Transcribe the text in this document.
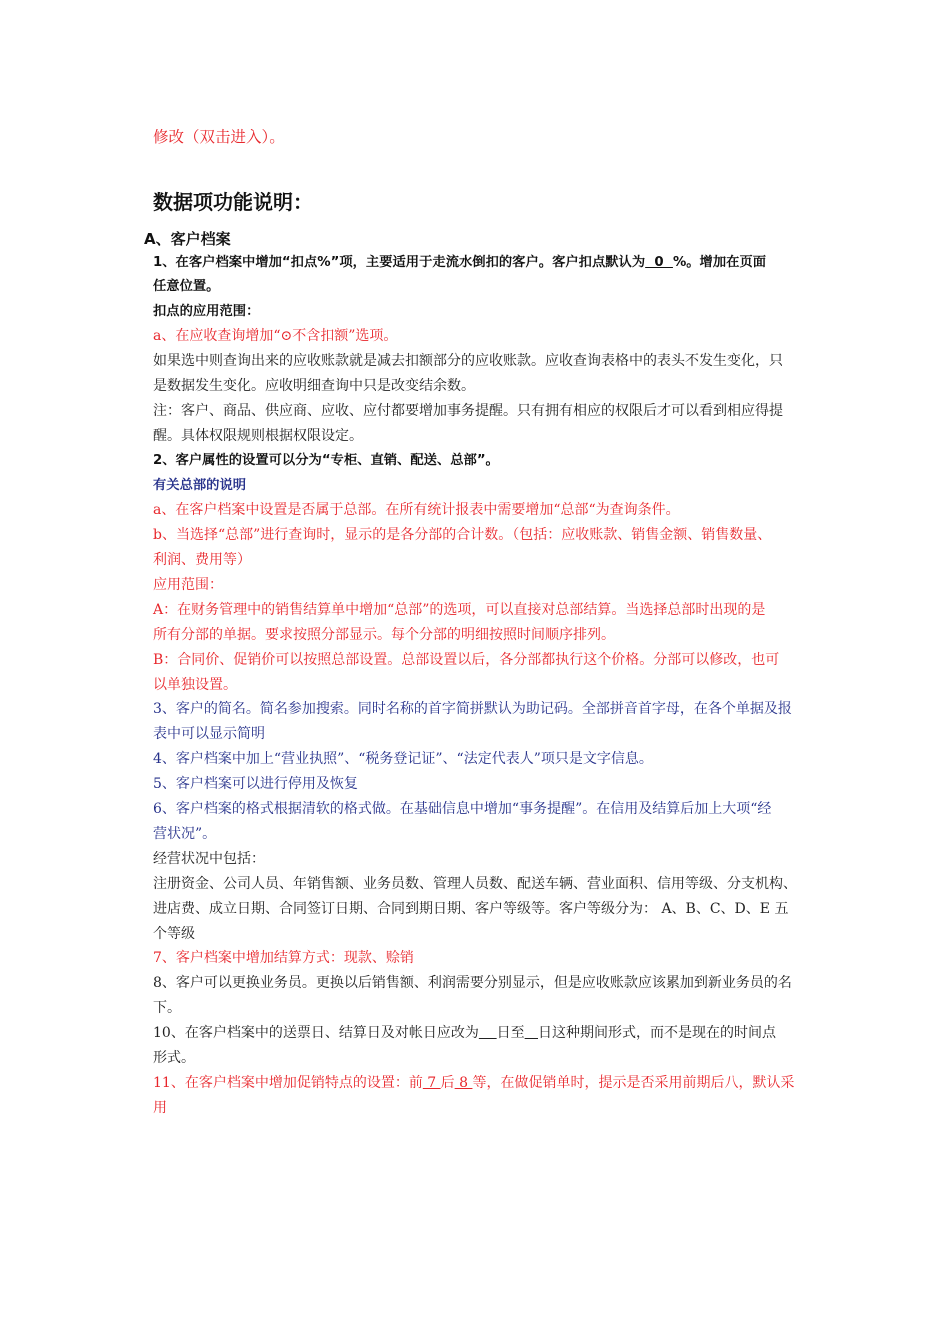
修改（双击进入）。
数据项功能说明：
A、客户档案
1、在客户档案中增加“扣点%”项，主要适用于走流水倒扣的客户。客户扣点默认为  0  %。增加在页面
任意位置。
扣点的应用范围：
a、在应收查询增加“⊙不含扣额”选项。
如果选中则查询出来的应收账款就是减去扣额部分的应收账款。应收查询表格中的表头不发生变化，只
是数据发生变化。应收明细查询中只是改变结余数。
注：客户、商品、供应商、应收、应付都要增加事务提醒。只有拥有相应的权限后才可以看到相应得提
醒。具体权限规则根据权限设定。
2、客户属性的设置可以分为“专柜、直销、配送、总部”。
有关总部的说明
a、在客户档案中设置是否属于总部。在所有统计报表中需要增加“总部“为查询条件。
b、当选择“总部”进行查询时，显示的是各分部的合计数。（包括：应收账款、销售金额、销售数量、
利润、费用等）
应用范围：
A：在财务管理中的销售结算单中增加“总部”的选项，可以直接对总部结算。当选择总部时出现的是
所有分部的单据。要求按照分部显示。每个分部的明细按照时间顺序排列。
B：合同价、促销价可以按照总部设置。总部设置以后，各分部都执行这个价格。分部可以修改，也可
以单独设置。
3、客户的简名。简名参加搜索。同时名称的首字简拼默认为助记码。全部拼音首字母，在各个单据及报
表中可以显示简明
4、客户档案中加上“营业执照”、“税务登记证”、“法定代表人”项只是文字信息。
5、客户档案可以进行停用及恢复
6、客户档案的格式根据清软的格式做。在基础信息中增加“事务提醒”。在信用及结算后加上大项“经
营状况”。
经营状况中包括：
注册资金、公司人员、年销售额、业务员数、管理人员数、配送车辆、营业面积、信用等级、分支机构、
进店费、成立日期、合同签订日期、合同到期日期、客户等级等。客户等级分为： A、B、C、D、E 五
个等级
7、客户档案中增加结算方式：现款、赊销
8、客户可以更换业务员。更换以后销售额、利润需要分别显示，但是应收账款应该累加到新业务员的名
下。
10、在客户档案中的送票日、结算日及对帐日应改为 日至 日这种期间形式，而不是现在的时间点
形式。
11、在客户档案中增加促销特点的设置：前 7 后 8 等，在做促销单时，提示是否采用前期后八，默认采
用
